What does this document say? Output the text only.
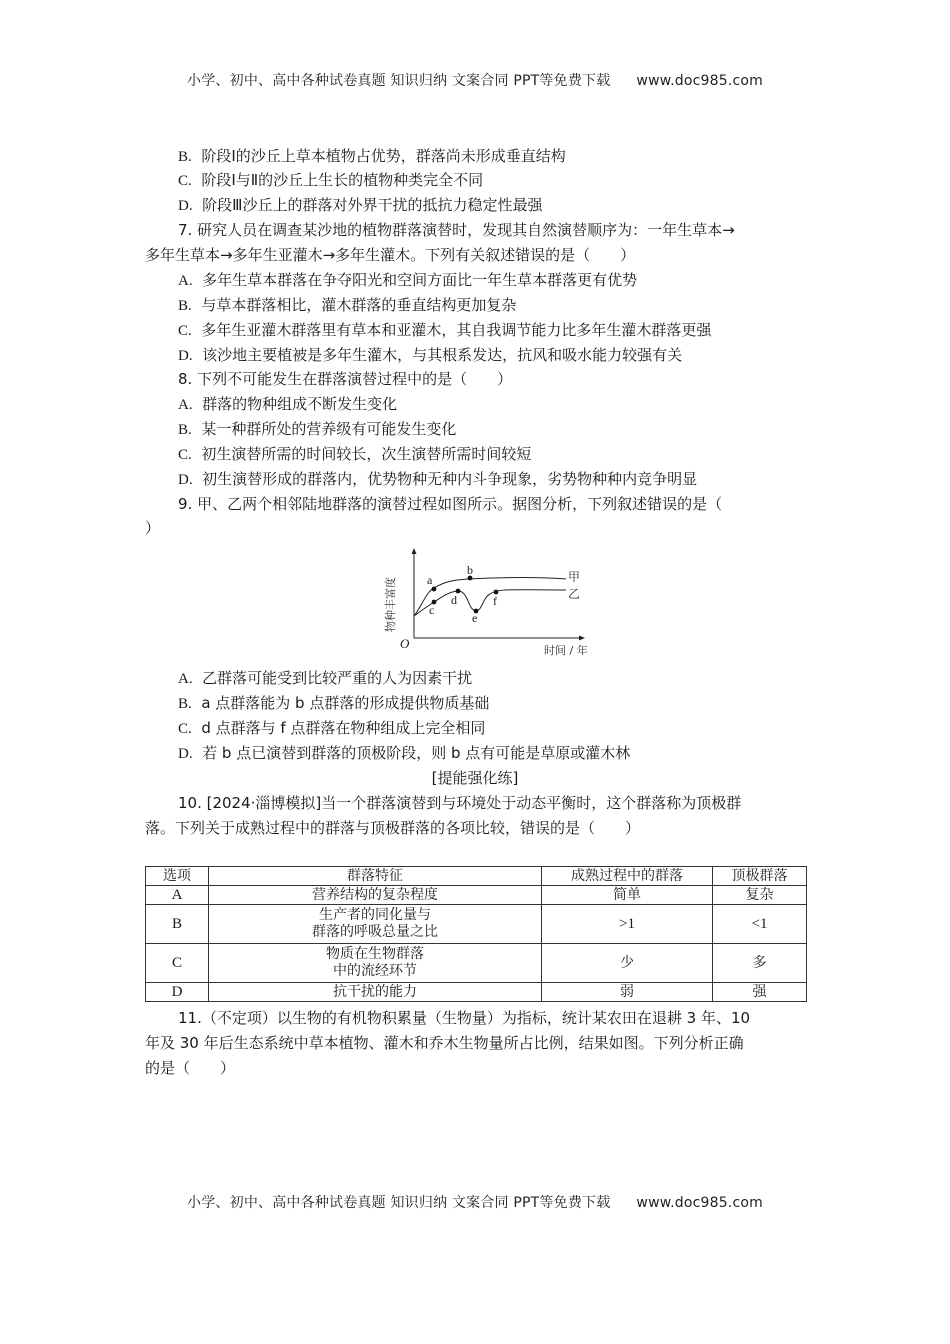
小学、初中、高中各种试卷真题 知识归纳 文案合同 PPT等免费下载 www.doc985.com
B. 阶段Ⅰ的沙丘上草本植物占优势，群落尚未形成垂直结构
C. 阶段Ⅰ与Ⅱ的沙丘上生长的植物种类完全不同
D. 阶段Ⅲ沙丘上的群落对外界干扰的抵抗力稳定性最强
7. 研究人员在调查某沙地的植物群落演替时，发现其自然演替顺序为：一年生草本→
多年生草本→多年生亚灌木→多年生灌木。下列有关叙述错误的是（　　）
A. 多年生草本群落在争夺阳光和空间方面比一年生草本群落更有优势
B. 与草本群落相比，灌木群落的垂直结构更加复杂
C. 多年生亚灌木群落里有草本和亚灌木，其自我调节能力比多年生灌木群落更强
D. 该沙地主要植被是多年生灌木，与其根系发达，抗风和吸水能力较强有关
8. 下列不可能发生在群落演替过程中的是（　　）
A. 群落的物种组成不断发生变化
B. 某一种群所处的营养级有可能发生变化
C. 初生演替所需的时间较长，次生演替所需时间较短
D. 初生演替形成的群落内，优势物种无种内斗争现象，劣势物种种内竞争明显
9. 甲、乙两个相邻陆地群落的演替过程如图所示。据图分析，下列叙述错误的是（
）
a
b
c
d
e
f
O
甲
乙
时间 / 年
物种丰富度
A. 乙群落可能受到比较严重的人为因素干扰
B. a 点群落能为 b 点群落的形成提供物质基础
C. d 点群落与 f 点群落在物种组成上完全相同
D. 若 b 点已演替到群落的顶极阶段，则 b 点有可能是草原或灌木林
[提能强化练]
10. [2024·淄博模拟]当一个群落演替到与环境处于动态平衡时，这个群落称为顶极群
落。下列关于成熟过程中的群落与顶极群落的各项比较，错误的是（　　）
选项	群落特征	成熟过程中的群落	顶极群落
A	营养结构的复杂程度	简单	复杂
B	生产者的同化量与
群落的呼吸总量之比	>1	<1
C	物质在生物群落
中的流经环节	少	多
D	抗干扰的能力	弱	强
11.（不定项）以生物的有机物积累量（生物量）为指标，统计某农田在退耕 3 年、10
年及 30 年后生态系统中草本植物、灌木和乔木生物量所占比例，结果如图。下列分析正确
的是（　　）
小学、初中、高中各种试卷真题 知识归纳 文案合同 PPT等免费下载 www.doc985.com
